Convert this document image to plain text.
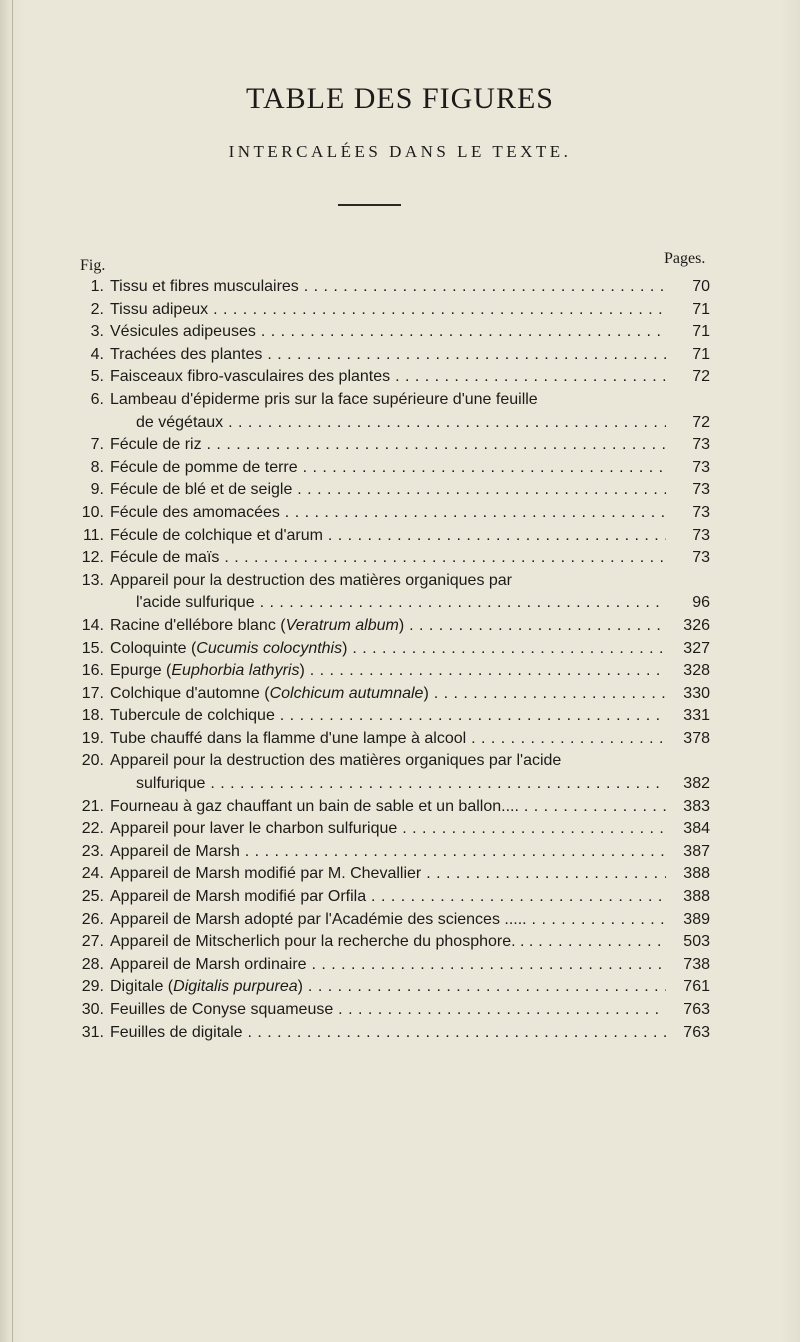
TABLE DES FIGURES
INTERCALÉES DANS LE TEXTE.
Fig.	Pages.
1. Tissu et fibres musculaires . . .	70
2. Tissu adipeux . . .	71
3. Vésicules adipeuses . . .	71
4. Trachées des plantes . . .	71
5. Faisceaux fibro-vasculaires des plantes . . .	72
6. Lambeau d'épiderme pris sur la face supérieure d'une feuille
de végétaux . . .	72
7. Fécule de riz . . .	73
8. Fécule de pomme de terre . . .	73
9. Fécule de blé et de seigle . . .	73
10. Fécule des amomacées . . .	73
11. Fécule de colchique et d'arum . . .	73
12. Fécule de maïs . . .	73
13. Appareil pour la destruction des matières organiques par
l'acide sulfurique . . .	96
14. Racine d'ellébore blanc (Veratrum album) . . .	326
15. Coloquinte (Cucumis colocynthis) . . .	327
16. Epurge (Euphorbia lathyris) . . .	328
17. Colchique d'automne (Colchicum autumnale) . . .	330
18. Tubercule de colchique . . .	331
19. Tube chauffé dans la flamme d'une lampe à alcool . . .	378
20. Appareil pour la destruction des matières organiques par l'acide
sulfurique . . .	382
21. Fourneau à gaz chauffant un bain de sable et un ballon.... . . .	383
22. Appareil pour laver le charbon sulfurique . . .	384
23. Appareil de Marsh . . .	387
24. Appareil de Marsh modifié par M. Chevallier . . .	388
25. Appareil de Marsh modifié par Orfila . . .	388
26. Appareil de Marsh adopté par l'Académie des sciences ..... . . .	389
27. Appareil de Mitscherlich pour la recherche du phosphore. . . . . .	503
28. Appareil de Marsh ordinaire . . .	738
29. Digitale (Digitalis purpurea) . . .	761
30. Feuilles de Conyse squameuse . . .	763
31. Feuilles de digitale . . .	763
